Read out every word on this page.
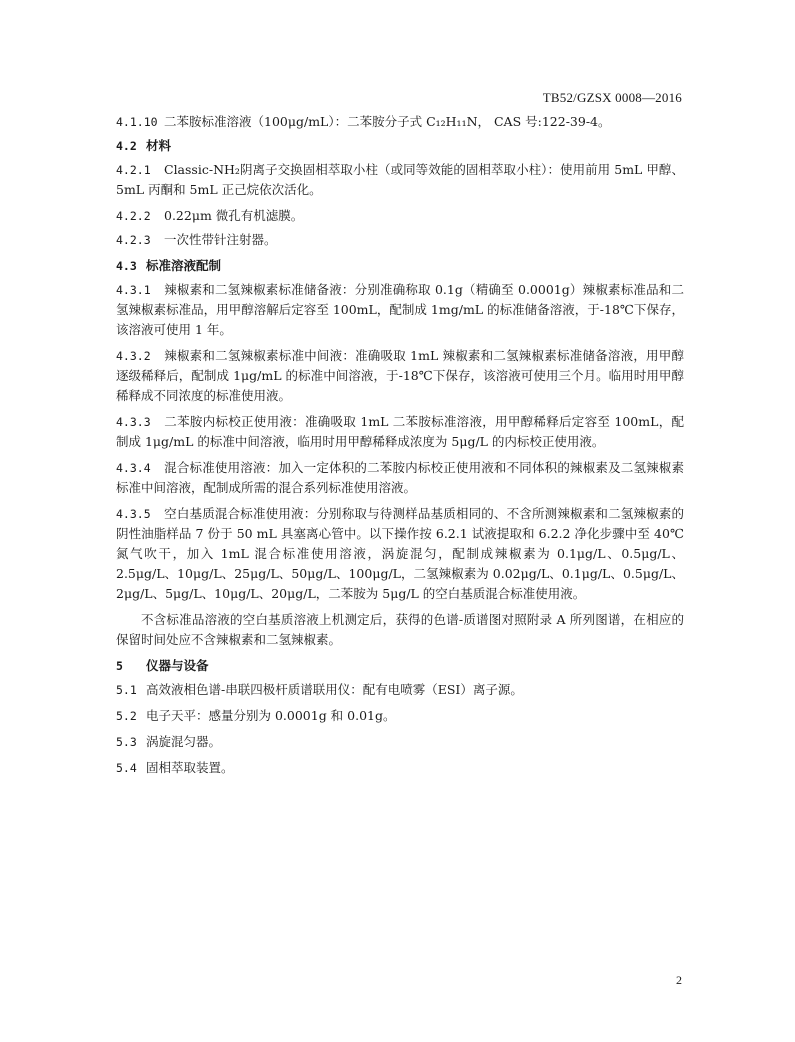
TB52/GZSX 0008—2016

4.1.10 二苯胺标准溶液（100μg/mL）：二苯胺分子式 C₁₂H₁₁N， CAS 号:122-39-4。

4.2 材料

4.2.1 Classic-NH₂阴离子交换固相萃取小柱（或同等效能的固相萃取小柱）：使用前用 5mL 甲醇、5mL 丙酮和 5mL 正己烷依次活化。

4.2.2 0.22μm 微孔有机滤膜。

4.2.3 一次性带针注射器。

4.3 标准溶液配制

4.3.1 辣椒素和二氢辣椒素标准储备液：分别准确称取 0.1g（精确至 0.0001g）辣椒素标准品和二氢辣椒素标准品，用甲醇溶解后定容至 100mL，配制成 1mg/mL 的标准储备溶液，于-18℃下保存，该溶液可使用 1 年。

4.3.2 辣椒素和二氢辣椒素标准中间液：准确吸取 1mL 辣椒素和二氢辣椒素标准储备溶液，用甲醇逐级稀释后，配制成 1μg/mL 的标准中间溶液，于-18℃下保存，该溶液可使用三个月。临用时用甲醇稀释成不同浓度的标准使用液。

4.3.3 二苯胺内标校正使用液：准确吸取 1mL 二苯胺标准溶液，用甲醇稀释后定容至 100mL，配制成 1μg/mL 的标准中间溶液，临用时用甲醇稀释成浓度为 5μg/L 的内标校正使用液。

4.3.4 混合标准使用溶液：加入一定体积的二苯胺内标校正使用液和不同体积的辣椒素及二氢辣椒素标准中间溶液，配制成所需的混合系列标准使用溶液。

4.3.5 空白基质混合标准使用液：分别称取与待测样品基质相同的、不含所测辣椒素和二氢辣椒素的阴性油脂样品 7 份于 50 mL 具塞离心管中。以下操作按 6.2.1 试液提取和 6.2.2 净化步骤中至 40℃氮气吹干，加入 1mL 混合标准使用溶液，涡旋混匀，配制成辣椒素为 0.1μg/L、0.5μg/L、2.5μg/L、10μg/L、25μg/L、50μg/L、100μg/L，二氢辣椒素为 0.02μg/L、0.1μg/L、0.5μg/L、2μg/L、5μg/L、10μg/L、20μg/L，二苯胺为 5μg/L 的空白基质混合标准使用液。

不含标准品溶液的空白基质溶液上机测定后，获得的色谱-质谱图对照附录 A 所列图谱，在相应的保留时间处应不含辣椒素和二氢辣椒素。

5 仪器与设备

5.1 高效液相色谱-串联四极杆质谱联用仪：配有电喷雾（ESI）离子源。

5.2 电子天平：感量分别为 0.0001g 和 0.01g。

5.3 涡旋混匀器。

5.4 固相萃取装置。

2
